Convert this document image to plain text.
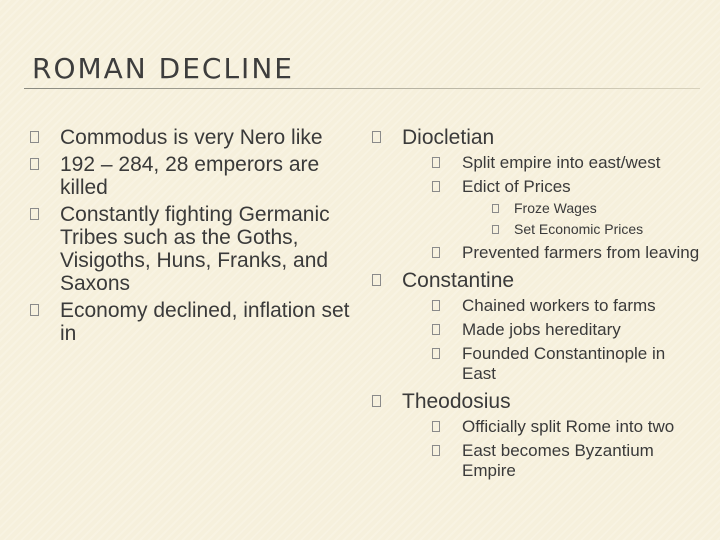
ROMAN DECLINE
Commodus is very Nero like
192 – 284, 28 emperors are killed
Constantly fighting Germanic Tribes such as the Goths, Visigoths, Huns, Franks, and Saxons
Economy declined, inflation set in
Diocletian
Split empire into east/west
Edict of Prices
Froze Wages
Set Economic Prices
Prevented farmers from leaving
Constantine
Chained workers to farms
Made jobs hereditary
Founded Constantinople in East
Theodosius
Officially split Rome into two
East becomes Byzantium Empire
